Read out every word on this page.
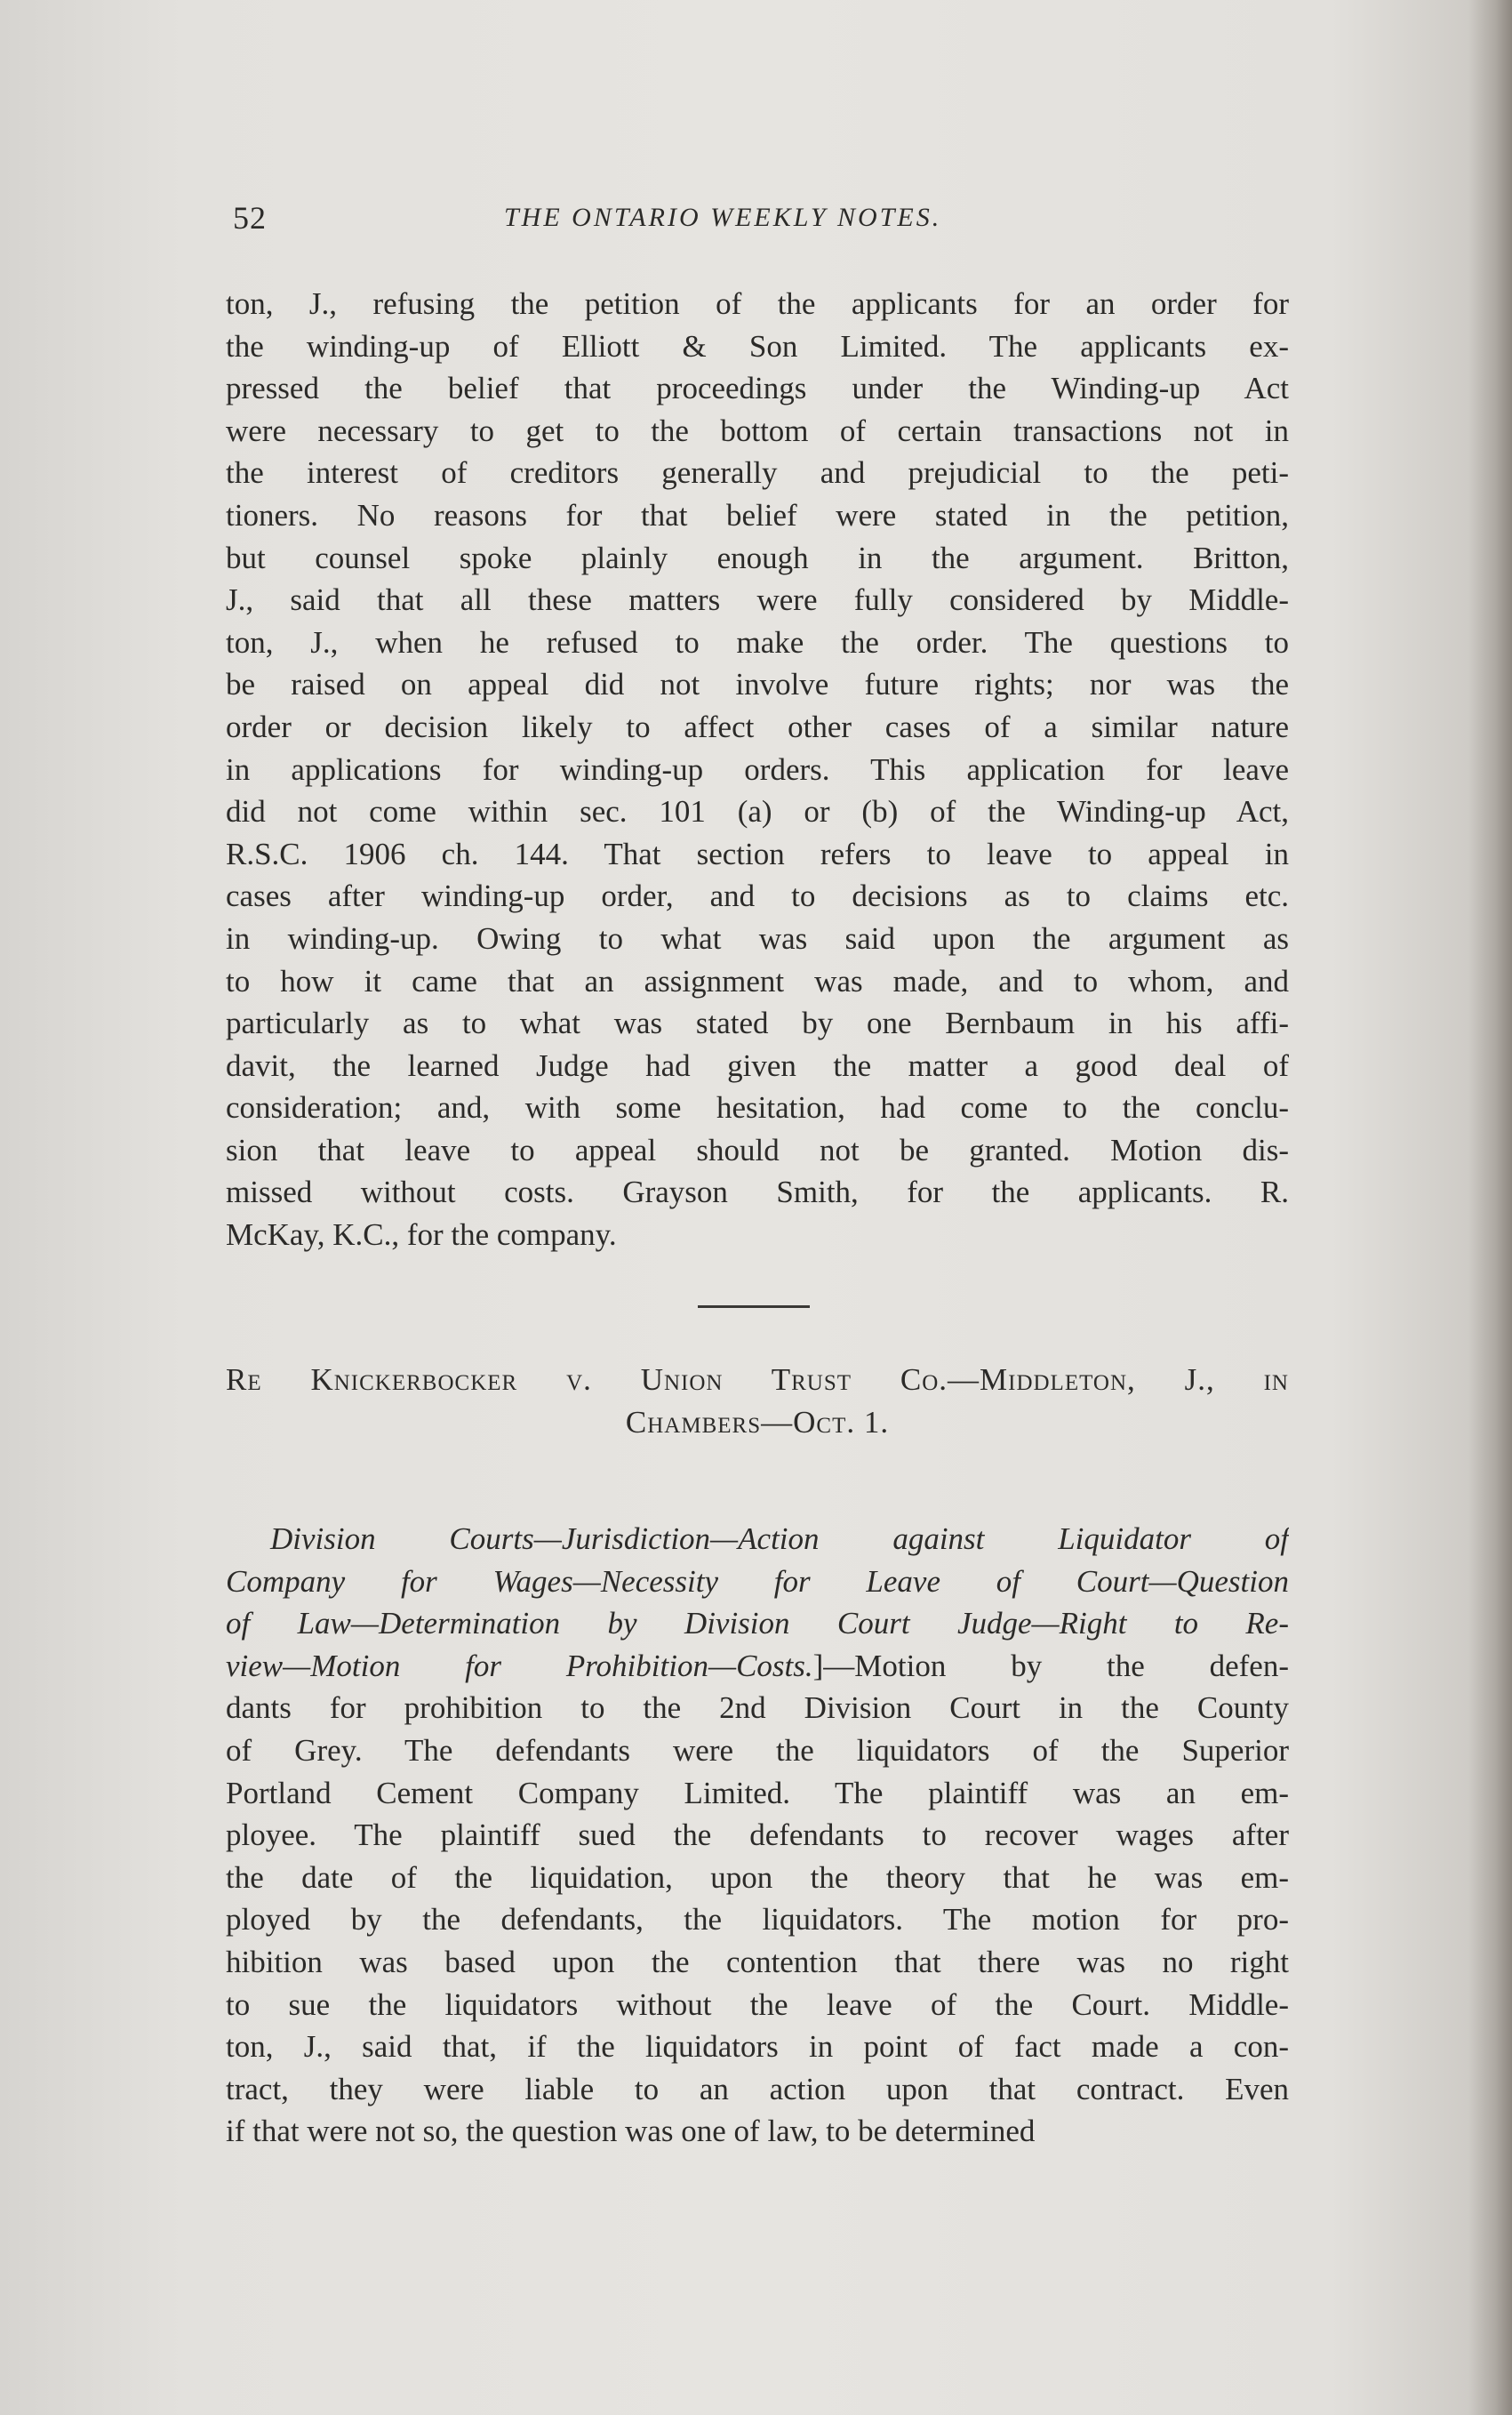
52	THE ONTARIO WEEKLY NOTES.
ton, J., refusing the petition of the applicants for an order for
the winding-up of Elliott & Son Limited. The applicants ex-
pressed the belief that proceedings under the Winding-up Act
were necessary to get to the bottom of certain transactions not in
the interest of creditors generally and prejudicial to the peti-
tioners. No reasons for that belief were stated in the petition,
but counsel spoke plainly enough in the argument. Britton,
J., said that all these matters were fully considered by Middle-
ton, J., when he refused to make the order. The questions to
be raised on appeal did not involve future rights; nor was the
order or decision likely to affect other cases of a similar nature
in applications for winding-up orders. This application for leave
did not come within sec. 101 (a) or (b) of the Winding-up Act,
R.S.C. 1906 ch. 144. That section refers to leave to appeal in
cases after winding-up order, and to decisions as to claims etc.
in winding-up. Owing to what was said upon the argument as
to how it came that an assignment was made, and to whom, and
particularly as to what was stated by one Bernbaum in his affi-
davit, the learned Judge had given the matter a good deal of
consideration; and, with some hesitation, had come to the conclu-
sion that leave to appeal should not be granted. Motion dis-
missed without costs. Grayson Smith, for the applicants. R.
McKay, K.C., for the company.
Re Knickerbocker v. Union Trust Co.—Middleton, J., in
Chambers—Oct. 1.
Division Courts—Jurisdiction—Action against Liquidator of
Company for Wages—Necessity for Leave of Court—Question
of Law—Determination by Division Court Judge—Right to Re-
view—Motion for Prohibition—Costs.]—Motion by the defen-
dants for prohibition to the 2nd Division Court in the County
of Grey. The defendants were the liquidators of the Superior
Portland Cement Company Limited. The plaintiff was an em-
ployee. The plaintiff sued the defendants to recover wages after
the date of the liquidation, upon the theory that he was em-
ployed by the defendants, the liquidators. The motion for pro-
hibition was based upon the contention that there was no right
to sue the liquidators without the leave of the Court. Middle-
ton, J., said that, if the liquidators in point of fact made a con-
tract, they were liable to an action upon that contract. Even
if that were not so, the question was one of law, to be determined
